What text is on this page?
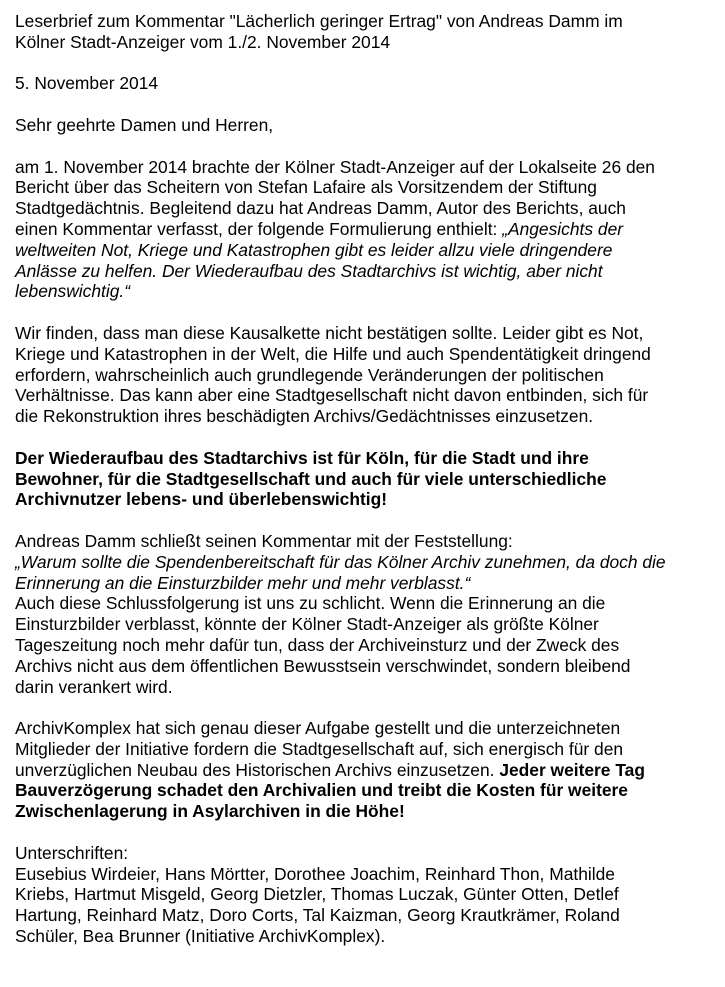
Leserbrief zum Kommentar "Lächerlich geringer Ertrag" von Andreas Damm im
Kölner Stadt-Anzeiger vom 1./2. November 2014
5. November 2014
Sehr geehrte Damen und Herren,
am 1. November 2014 brachte der Kölner Stadt-Anzeiger auf der Lokalseite 26 den
Bericht über das Scheitern von Stefan Lafaire als Vorsitzendem der Stiftung
Stadtgedächtnis. Begleitend dazu hat Andreas Damm, Autor des Berichts, auch
einen Kommentar verfasst, der folgende Formulierung enthielt: „Angesichts der
weltweiten Not, Kriege und Katastrophen gibt es leider allzu viele dringendere
Anlässe zu helfen. Der Wiederaufbau des Stadtarchivs ist wichtig, aber nicht
lebenswichtig.“
Wir finden, dass man diese Kausalkette nicht bestätigen sollte. Leider gibt es Not,
Kriege und Katastrophen in der Welt, die Hilfe und auch Spendentätigkeit dringend
erfordern, wahrscheinlich auch grundlegende Veränderungen der politischen
Verhältnisse. Das kann aber eine Stadtgesellschaft nicht davon entbinden, sich für
die Rekonstruktion ihres beschädigten Archivs/Gedächtnisses einzusetzen.
Der Wiederaufbau des Stadtarchivs ist für Köln, für die Stadt und ihre
Bewohner, für die Stadtgesellschaft und auch für viele unterschiedliche
Archivnutzer lebens- und überlebenswichtig!
Andreas Damm schließt seinen Kommentar mit der Feststellung:
„Warum sollte die Spendenbereitschaft für das Kölner Archiv zunehmen, da doch die
Erinnerung an die Einsturzbilder mehr und mehr verblasst.“
Auch diese Schlussfolgerung ist uns zu schlicht. Wenn die Erinnerung an die
Einsturzbilder verblasst, könnte der Kölner Stadt-Anzeiger als größte Kölner
Tageszeitung noch mehr dafür tun, dass der Archiveinsturz und der Zweck des
Archivs nicht aus dem öffentlichen Bewusstsein verschwindet, sondern bleibend
darin verankert wird.
ArchivKomplex hat sich genau dieser Aufgabe gestellt und die unterzeichneten
Mitglieder der Initiative fordern die Stadtgesellschaft auf, sich energisch für den
unverzüglichen Neubau des Historischen Archivs einzusetzen. Jeder weitere Tag
Bauverzögerung schadet den Archivalien und treibt die Kosten für weitere
Zwischenlagerung in Asylarchiven in die Höhe!
Unterschriften:
Eusebius Wirdeier, Hans Mörtter, Dorothee Joachim, Reinhard Thon, Mathilde
Kriebs, Hartmut Misgeld, Georg Dietzler, Thomas Luczak, Günter Otten, Detlef
Hartung, Reinhard Matz, Doro Corts, Tal Kaizman, Georg Krautkrämer, Roland
Schüler, Bea Brunner (Initiative ArchivKomplex).
